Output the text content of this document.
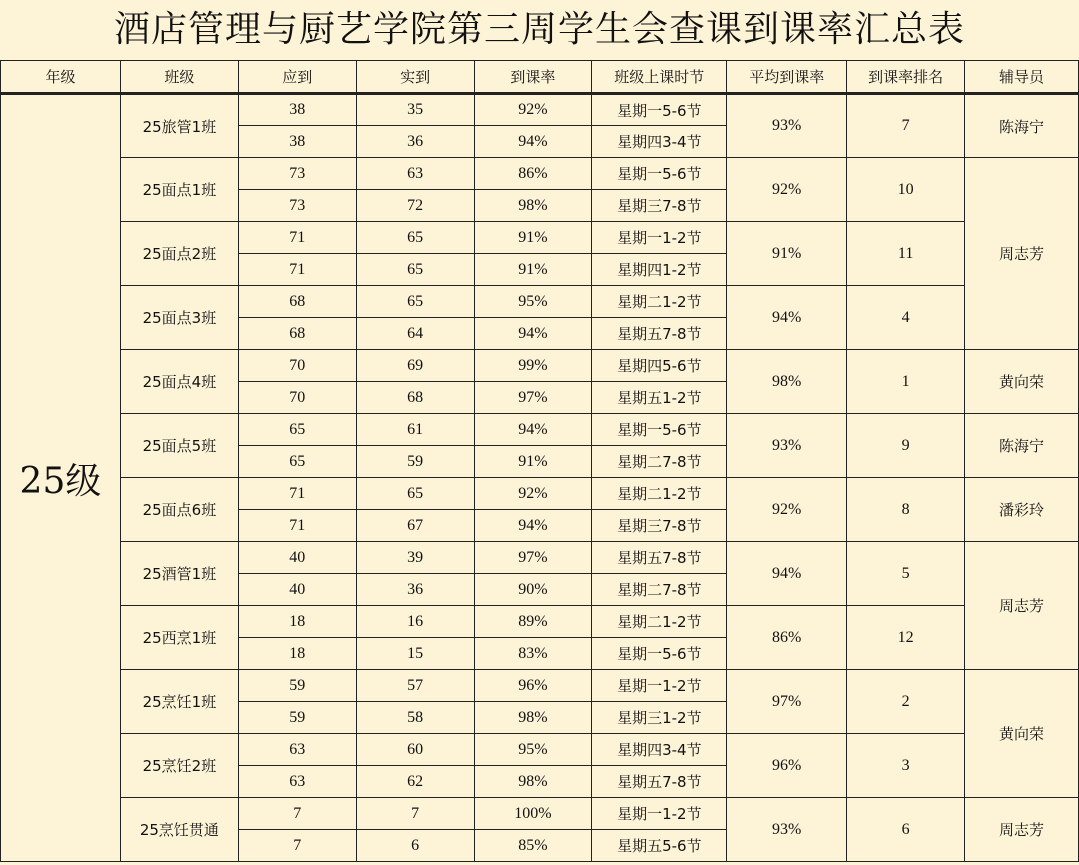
酒店管理与厨艺学院第三周学生会查课到课率汇总表
年级	班级	应到	实到	到课率	班级上课时节	平均到课率	到课率排名	辅导员
25级	25旅管1班	38	35	92%	星期一5-6节	93%	7	陈海宁
		38	36	94%	星期四3-4节			
	25面点1班	73	63	86%	星期一5-6节	92%	10	周志芳
		73	72	98%	星期三7-8节			
	25面点2班	71	65	91%	星期一1-2节	91%	11	
		71	65	91%	星期四1-2节			
	25面点3班	68	65	95%	星期二1-2节	94%	4	
		68	64	94%	星期五7-8节			
	25面点4班	70	69	99%	星期四5-6节	98%	1	黄向荣
		70	68	97%	星期五1-2节			
	25面点5班	65	61	94%	星期一5-6节	93%	9	陈海宁
		65	59	91%	星期二7-8节			
	25面点6班	71	65	92%	星期二1-2节	92%	8	潘彩玲
		71	67	94%	星期三7-8节			
	25酒管1班	40	39	97%	星期五7-8节	94%	5	周志芳
		40	36	90%	星期二7-8节			
	25西烹1班	18	16	89%	星期二1-2节	86%	12	
		18	15	83%	星期一5-6节			
	25烹饪1班	59	57	96%	星期一1-2节	97%	2	黄向荣
		59	58	98%	星期三1-2节			
	25烹饪2班	63	60	95%	星期四3-4节	96%	3	
		63	62	98%	星期五7-8节			
	25烹饪贯通	7	7	100%	星期一1-2节	93%	6	周志芳
		7	6	85%	星期五5-6节			
